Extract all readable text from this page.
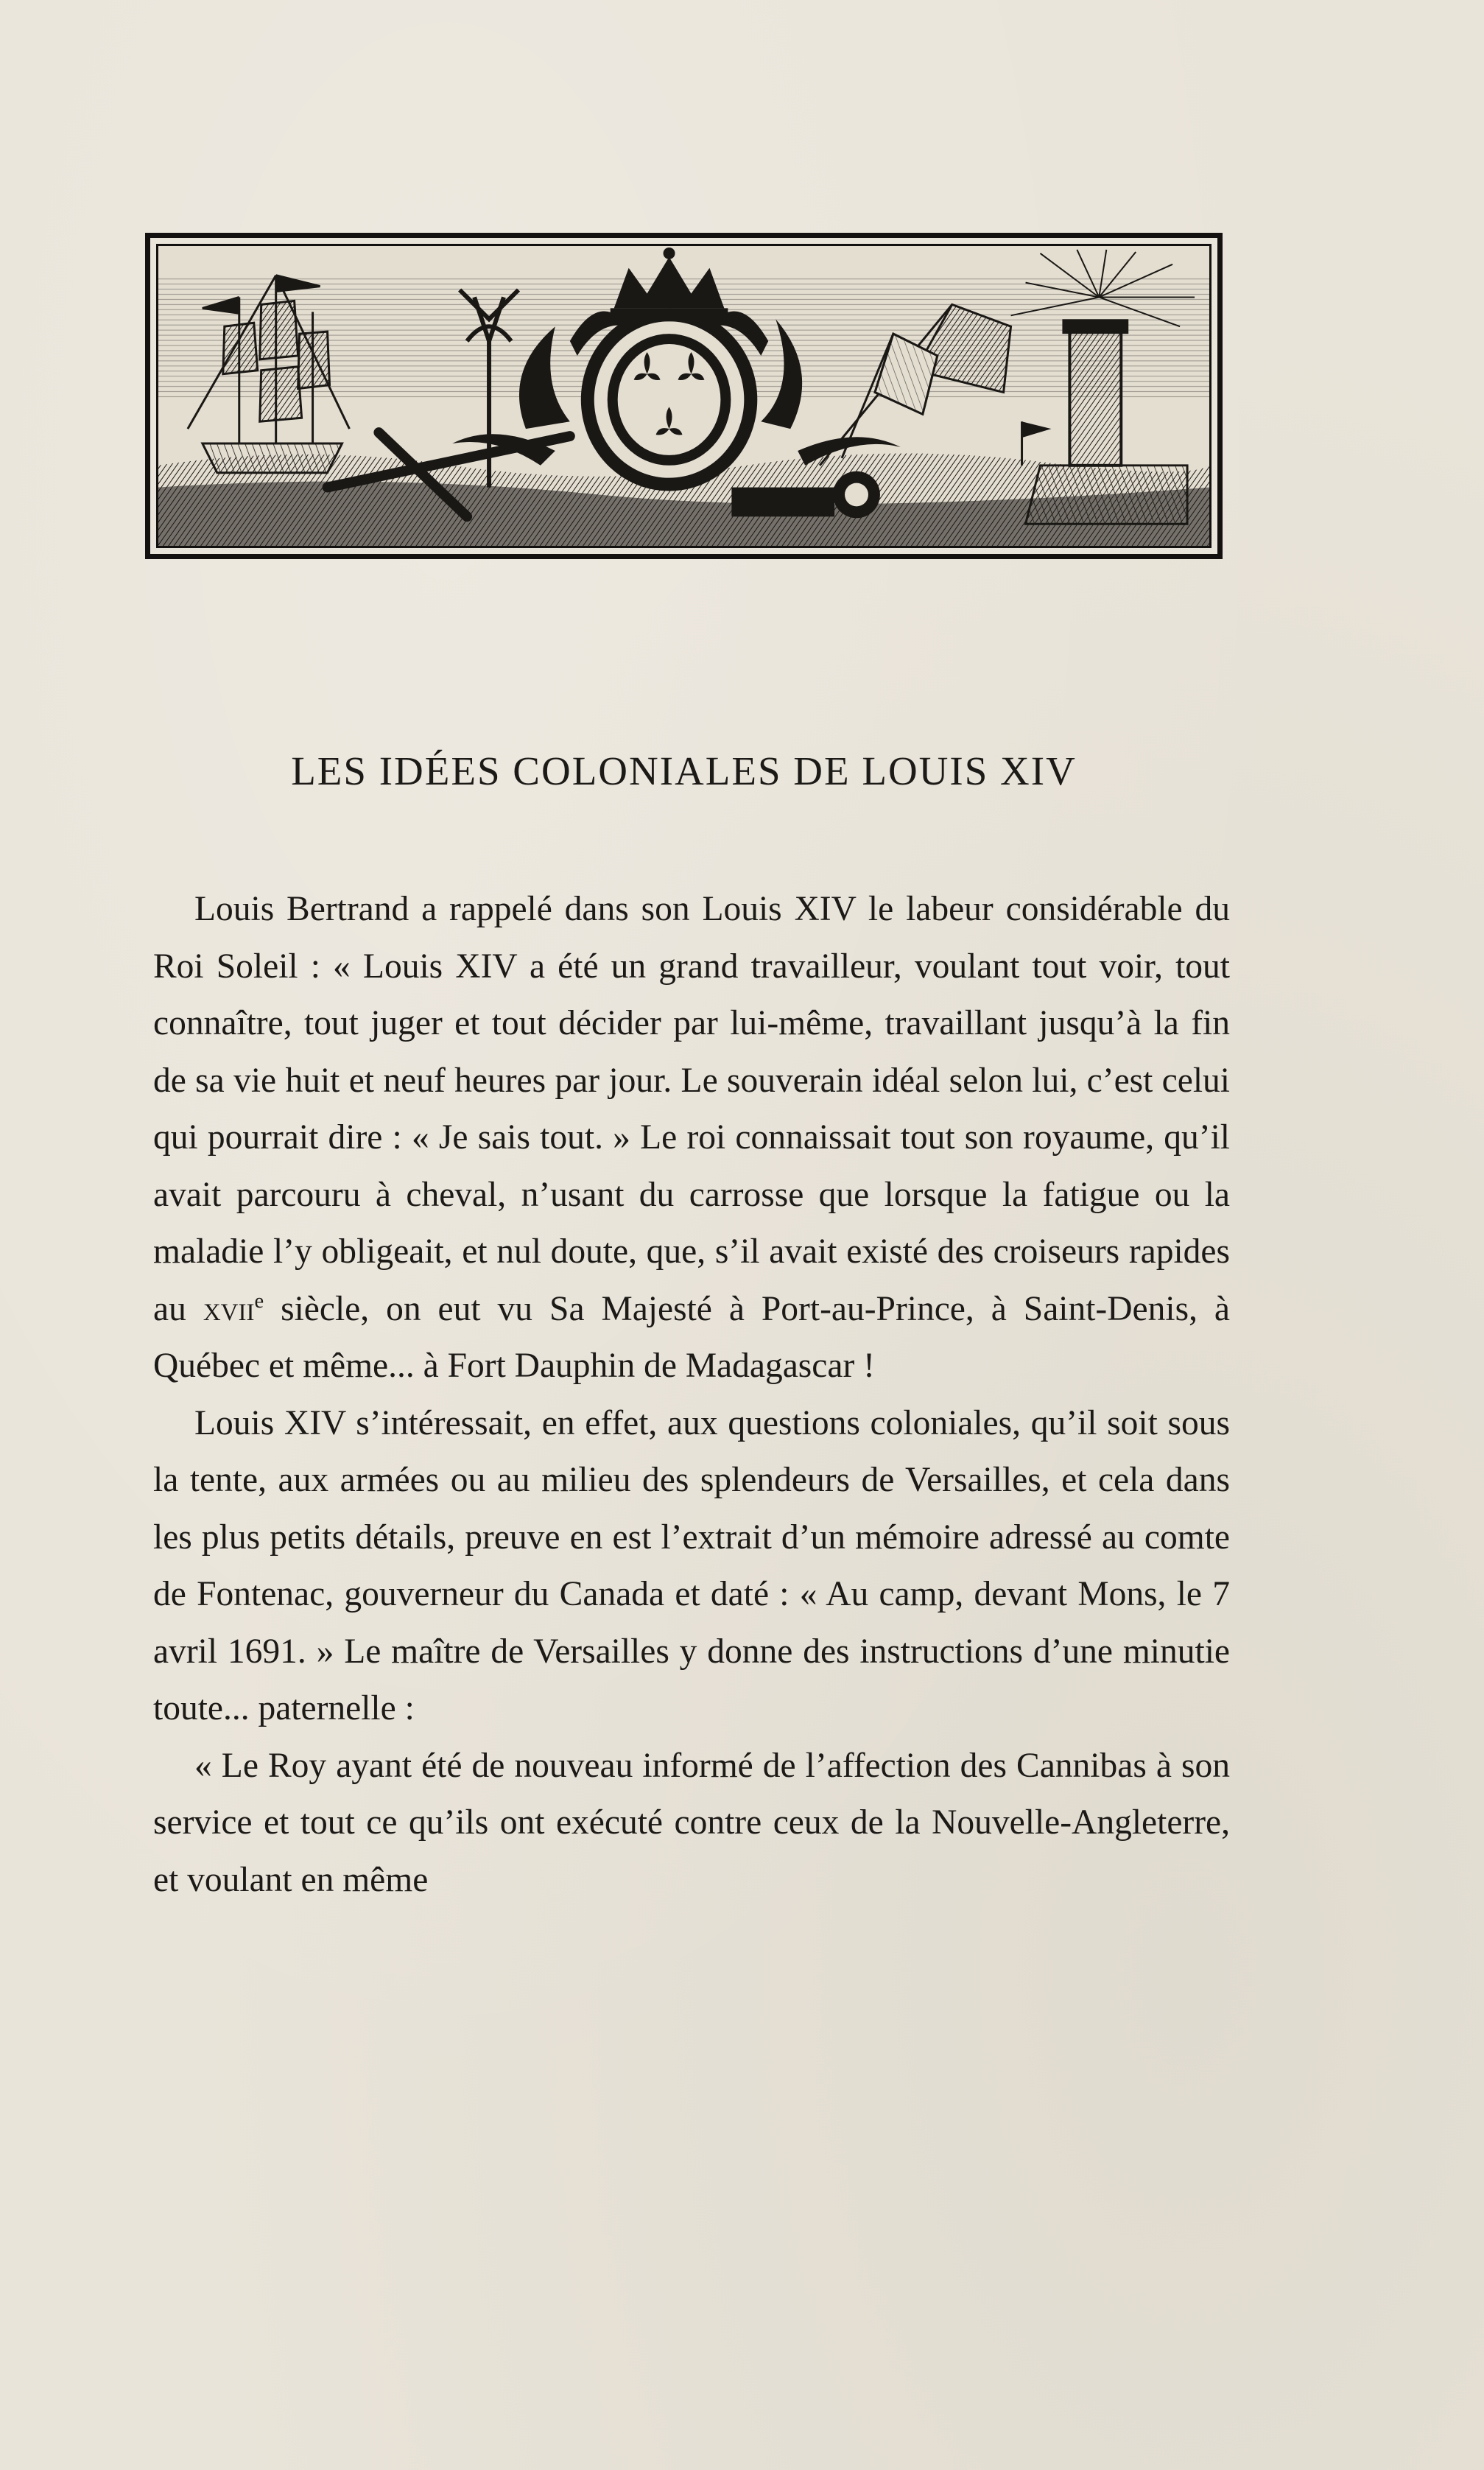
LES IDÉES COLONIALES DE LOUIS XIV

Louis Bertrand a rappelé dans son Louis XIV le labeur considérable du Roi Soleil : « Louis XIV a été un grand travailleur, voulant tout voir, tout connaître, tout juger et tout décider par lui-même, travaillant jusqu’à la fin de sa vie huit et neuf heures par jour. Le souverain idéal selon lui, c’est celui qui pourrait dire : « Je sais tout. » Le roi connaissait tout son royaume, qu’il avait parcouru à cheval, n’usant du carrosse que lorsque la fatigue ou la maladie l’y obligeait, et nul doute, que, s’il avait existé des croiseurs rapides au xvii$^e$ siècle, on eut vu Sa Majesté à Port-au-Prince, à Saint-Denis, à Québec et même... à Fort Dauphin de Madagascar !

Louis XIV s’intéressait, en effet, aux questions coloniales, qu’il soit sous la tente, aux armées ou au milieu des splendeurs de Versailles, et cela dans les plus petits détails, preuve en est l’extrait d’un mémoire adressé au comte de Fontenac, gouverneur du Canada et daté : « Au camp, devant Mons, le 7 avril 1691. » Le maître de Versailles y donne des instructions d’une minutie toute... paternelle :

« Le Roy ayant été de nouveau informé de l’affection des Cannibas à son service et tout ce qu’ils ont exécuté contre ceux de la Nouvelle-Angleterre, et voulant en même
